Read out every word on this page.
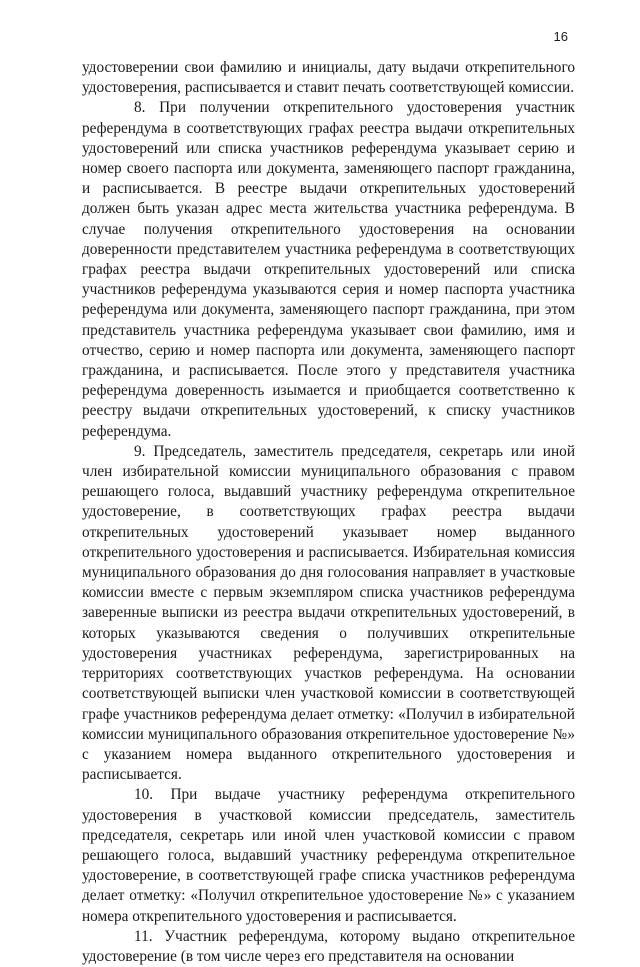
16

удостоверении свои фамилию и инициалы, дату выдачи открепительного удостоверения, расписывается и ставит печать соответствующей комиссии.

8. При получении открепительного удостоверения участник референдума в соответствующих графах реестра выдачи открепительных удостоверений или списка участников референдума указывает серию и номер своего паспорта или документа, заменяющего паспорт гражданина, и расписывается. В реестре выдачи открепительных удостоверений должен быть указан адрес места жительства участника референдума. В случае получения открепительного удостоверения на основании доверенности представителем участника референдума в соответствующих графах реестра выдачи открепительных удостоверений или списка участников референдума указываются серия и номер паспорта участника референдума или документа, заменяющего паспорт гражданина, при этом представитель участника референдума указывает свои фамилию, имя и отчество, серию и номер паспорта или документа, заменяющего паспорт гражданина, и расписывается. После этого у представителя участника референдума доверенность изымается и приобщается соответственно к реестру выдачи открепительных удостоверений, к списку участников референдума.

9. Председатель, заместитель председателя, секретарь или иной член избирательной комиссии муниципального образования с правом решающего голоса, выдавший участнику референдума открепительное удостоверение, в соответствующих графах реестра выдачи открепительных удостоверений указывает номер выданного открепительного удостоверения и расписывается. Избирательная комиссия муниципального образования до дня голосования направляет в участковые комиссии вместе с первым экземпляром списка участников референдума заверенные выписки из реестра выдачи открепительных удостоверений, в которых указываются сведения о получивших открепительные удостоверения участниках референдума, зарегистрированных на территориях соответствующих участков референдума. На основании соответствующей выписки член участковой комиссии в соответствующей графе участников референдума делает отметку: «Получил в избирательной комиссии муниципального образования открепительное удостоверение №» с указанием номера выданного открепительного удостоверения и расписывается.

10. При выдаче участнику референдума открепительного удостоверения в участковой комиссии председатель, заместитель председателя, секретарь или иной член участковой комиссии с правом решающего голоса, выдавший участнику референдума открепительное удостоверение, в соответствующей графе списка участников референдума делает отметку: «Получил открепительное удостоверение №» с указанием номера открепительного удостоверения и расписывается.

11. Участник референдума, которому выдано открепительное удостоверение (в том числе через его представителя на основании
